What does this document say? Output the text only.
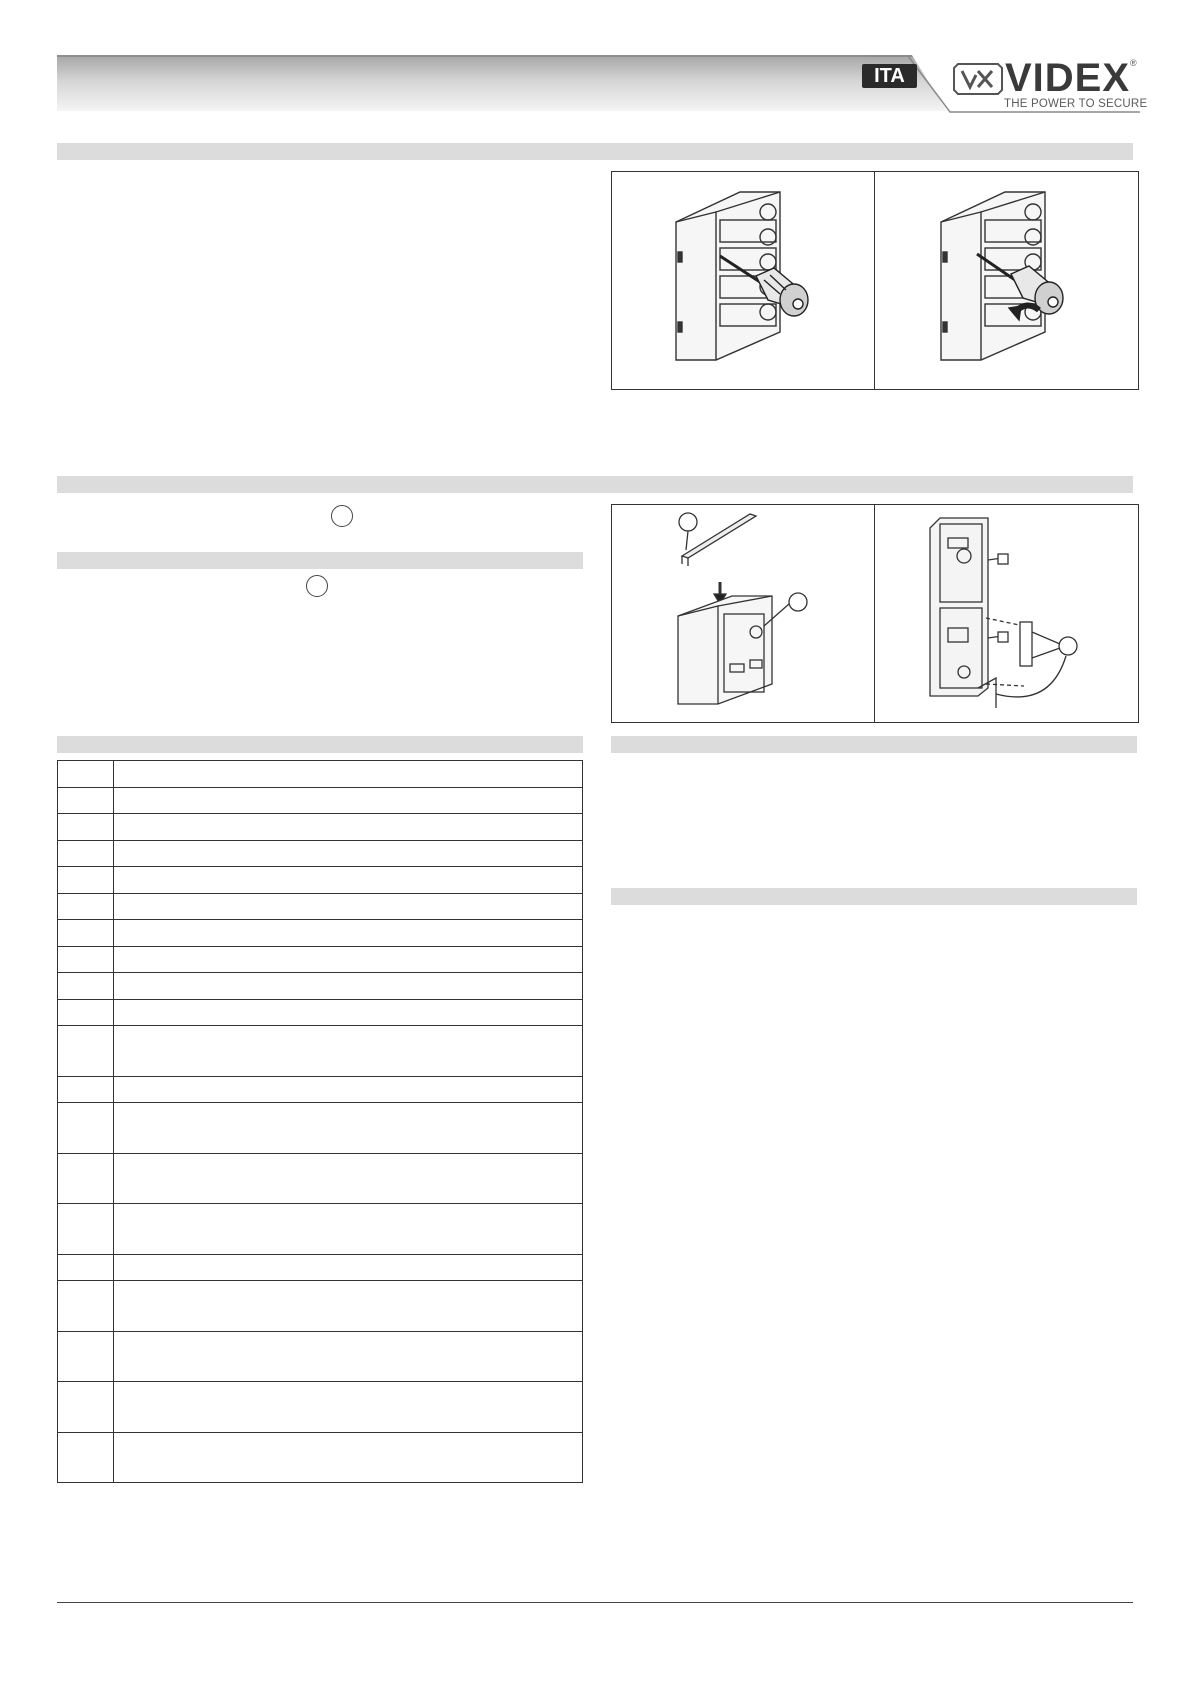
ITA	VIDEX ®
THE POWER TO SECURE
